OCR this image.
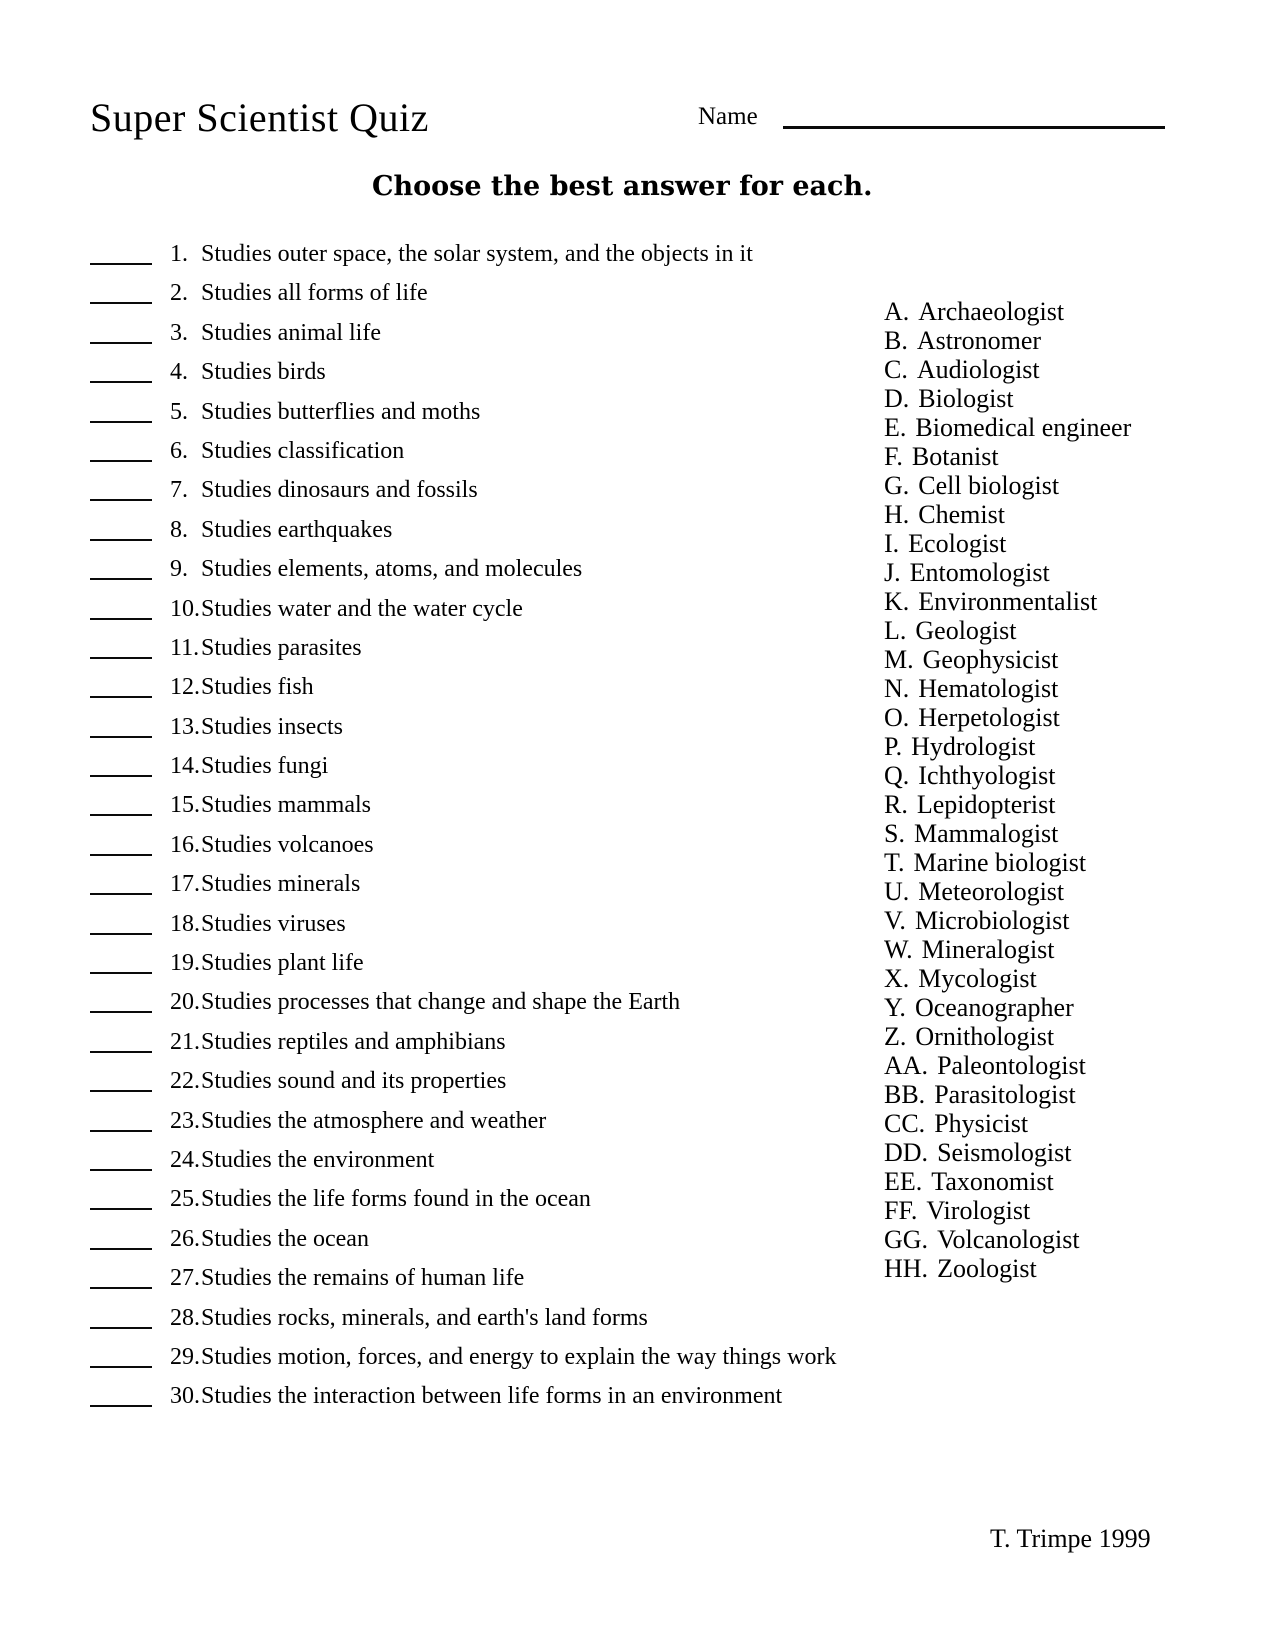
Super Scientist Quiz	Name
Choose the best answer for each.
1. Studies outer space, the solar system, and the objects in it
2. Studies all forms of life
3. Studies animal life
4. Studies birds
5. Studies butterflies and moths
6. Studies classification
7. Studies dinosaurs and fossils
8. Studies earthquakes
9. Studies elements, atoms, and molecules
10.Studies water and the water cycle
11.Studies parasites
12.Studies fish
13.Studies insects
14.Studies fungi
15.Studies mammals
16.Studies volcanoes
17.Studies minerals
18.Studies viruses
19.Studies plant life
20.Studies processes that change and shape the Earth
21.Studies reptiles and amphibians
22.Studies sound and its properties
23.Studies the atmosphere and weather
24.Studies the environment
25.Studies the life forms found in the ocean
26.Studies the ocean
27.Studies the remains of human life
28.Studies rocks, minerals, and earth's land forms
29.Studies motion, forces, and energy to explain the way things work
30.Studies the interaction between life forms in an environment
A. Archaeologist
B. Astronomer
C. Audiologist
D. Biologist
E. Biomedical engineer
F. Botanist
G. Cell biologist
H. Chemist
I. Ecologist
J. Entomologist
K. Environmentalist
L. Geologist
M. Geophysicist
N. Hematologist
O. Herpetologist
P. Hydrologist
Q. Ichthyologist
R. Lepidopterist
S. Mammalogist
T. Marine biologist
U. Meteorologist
V. Microbiologist
W. Mineralogist
X. Mycologist
Y. Oceanographer
Z. Ornithologist
AA. Paleontologist
BB. Parasitologist
CC. Physicist
DD. Seismologist
EE. Taxonomist
FF. Virologist
GG. Volcanologist
HH. Zoologist
T. Trimpe 1999
